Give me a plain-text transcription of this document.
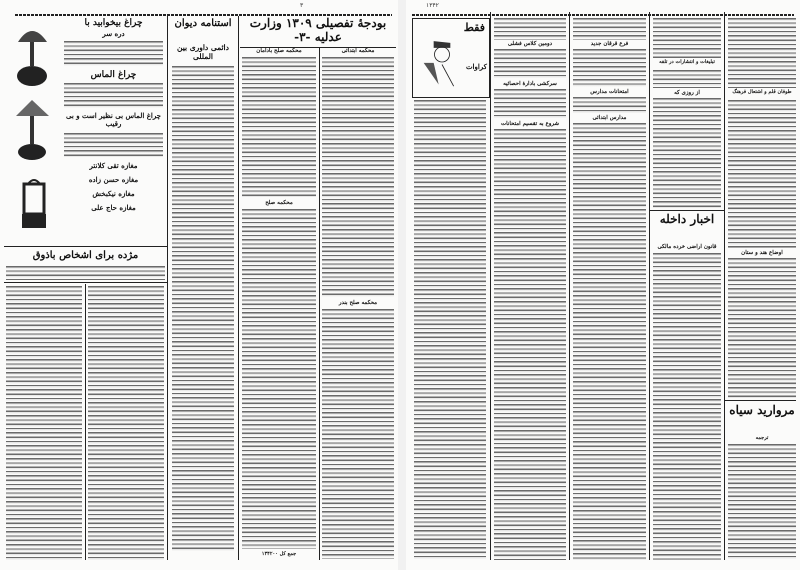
۳
بودجهٔ تفصیلی ۱۳۰۹ وزارت عدلیه -۳-
محکمه صلح بادامان	محکمه ابتدائی
محکمه صلح
محکمه صلح بندر
جمع کل ۱۳۴۲۰۰
استنامه دیوان
دائمی داوری بین المللی
چراغ بیخوابید با
دره سر
چراغ الماس
چراغ الماس بی نظیر است و بی رقیب
مغازه تقی کلانتر
مغازه حسن زاده
مغازه نیکبخش
مغازه حاج علی
مژده برای اشخاص باذوق
۱۳۴۲
فقط
کراوات
دومین کلاس فشلی
سرکشی بادارهٔ احصائیه
شروع به تقسیم امتحانات
فرع قرقان جدید
امتحانات مدارس
مدارس ابتدائی
تبلیغات و انتشارات در تلفه
از روزی که
اخبار داخله
قانون اراضی خرده مالکی
طوفان قلم و اشتعال فرهنگ
اوضاع هند و ستان
مروارید سیاه
ترجمه
